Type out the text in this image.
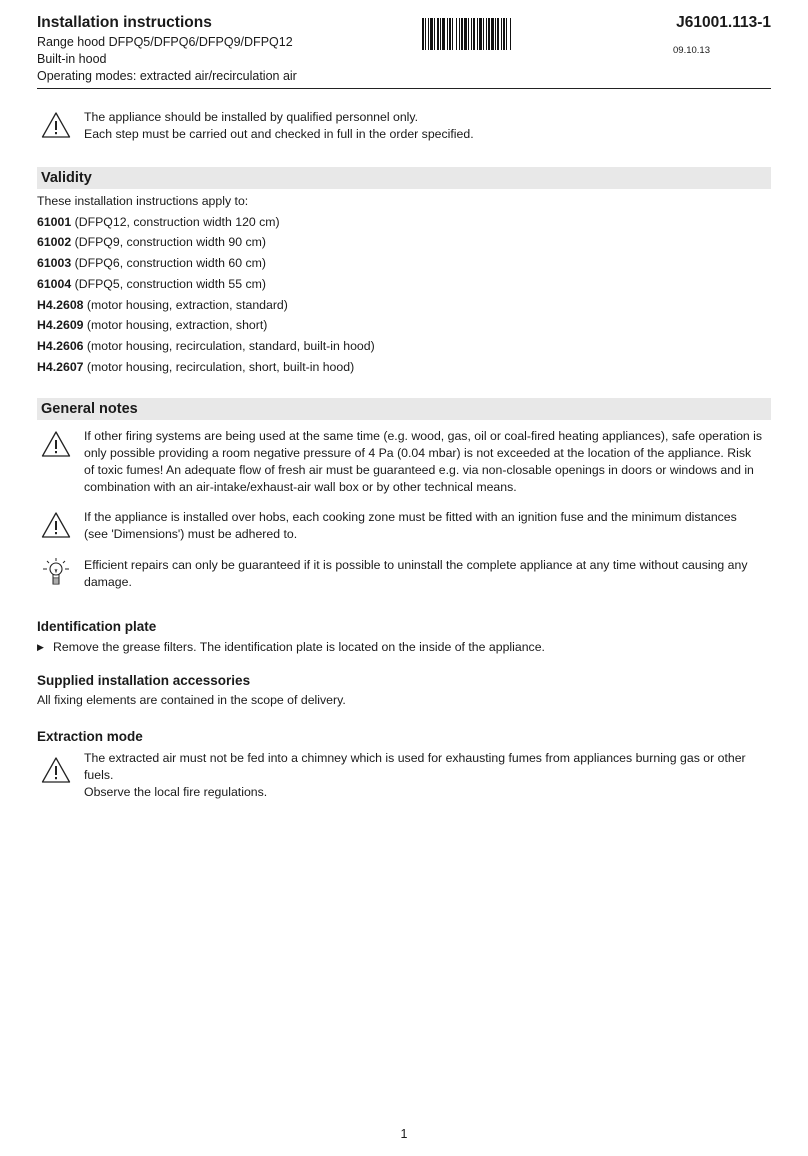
Installation instructions
Range hood DFPQ5/DFPQ6/DFPQ9/DFPQ12
Built-in hood
Operating modes: extracted air/recirculation air
J61001.113-1
09.10.13

The appliance should be installed by qualified personnel only.

Each step must be carried out and checked in full in the order specified.

Validity

These installation instructions apply to:

61001 (DFPQ12, construction width 120 cm)

61002 (DFPQ9, construction width 90 cm)

61003 (DFPQ6, construction width 60 cm)

61004 (DFPQ5, construction width 55 cm)

H4.2608 (motor housing, extraction, standard)

H4.2609 (motor housing, extraction, short)

H4.2606 (motor housing, recirculation, standard, built-in hood)

H4.2607 (motor housing, recirculation, short, built-in hood)

General notes

If other firing systems are being used at the same time (e.g. wood, gas, oil or coal-fired heating appliances), safe operation is

only possible providing a room negative pressure of 4 Pa (0.04 mbar) is not exceeded at the location of the appliance. Risk

of toxic fumes! An adequate flow of fresh air must be guaranteed e.g. via non-closable openings in doors or windows and in

combination with an air-intake/exhaust-air wall box or by other technical means.

If the appliance is installed over hobs, each cooking zone must be fitted with an ignition fuse and the minimum distances

(see 'Dimensions') must be adhered to.

Efficient repairs can only be guaranteed if it is possible to uninstall the complete appliance at any time without causing any

damage.

Identification plate
▶ Remove the grease filters. The identification plate is located on the inside of the appliance.
Supplied installation accessories
All fixing elements are contained in the scope of delivery.
Extraction mode

The extracted air must not be fed into a chimney which is used for exhausting fumes from appliances burning gas or other

fuels.

Observe the local fire regulations.

1
